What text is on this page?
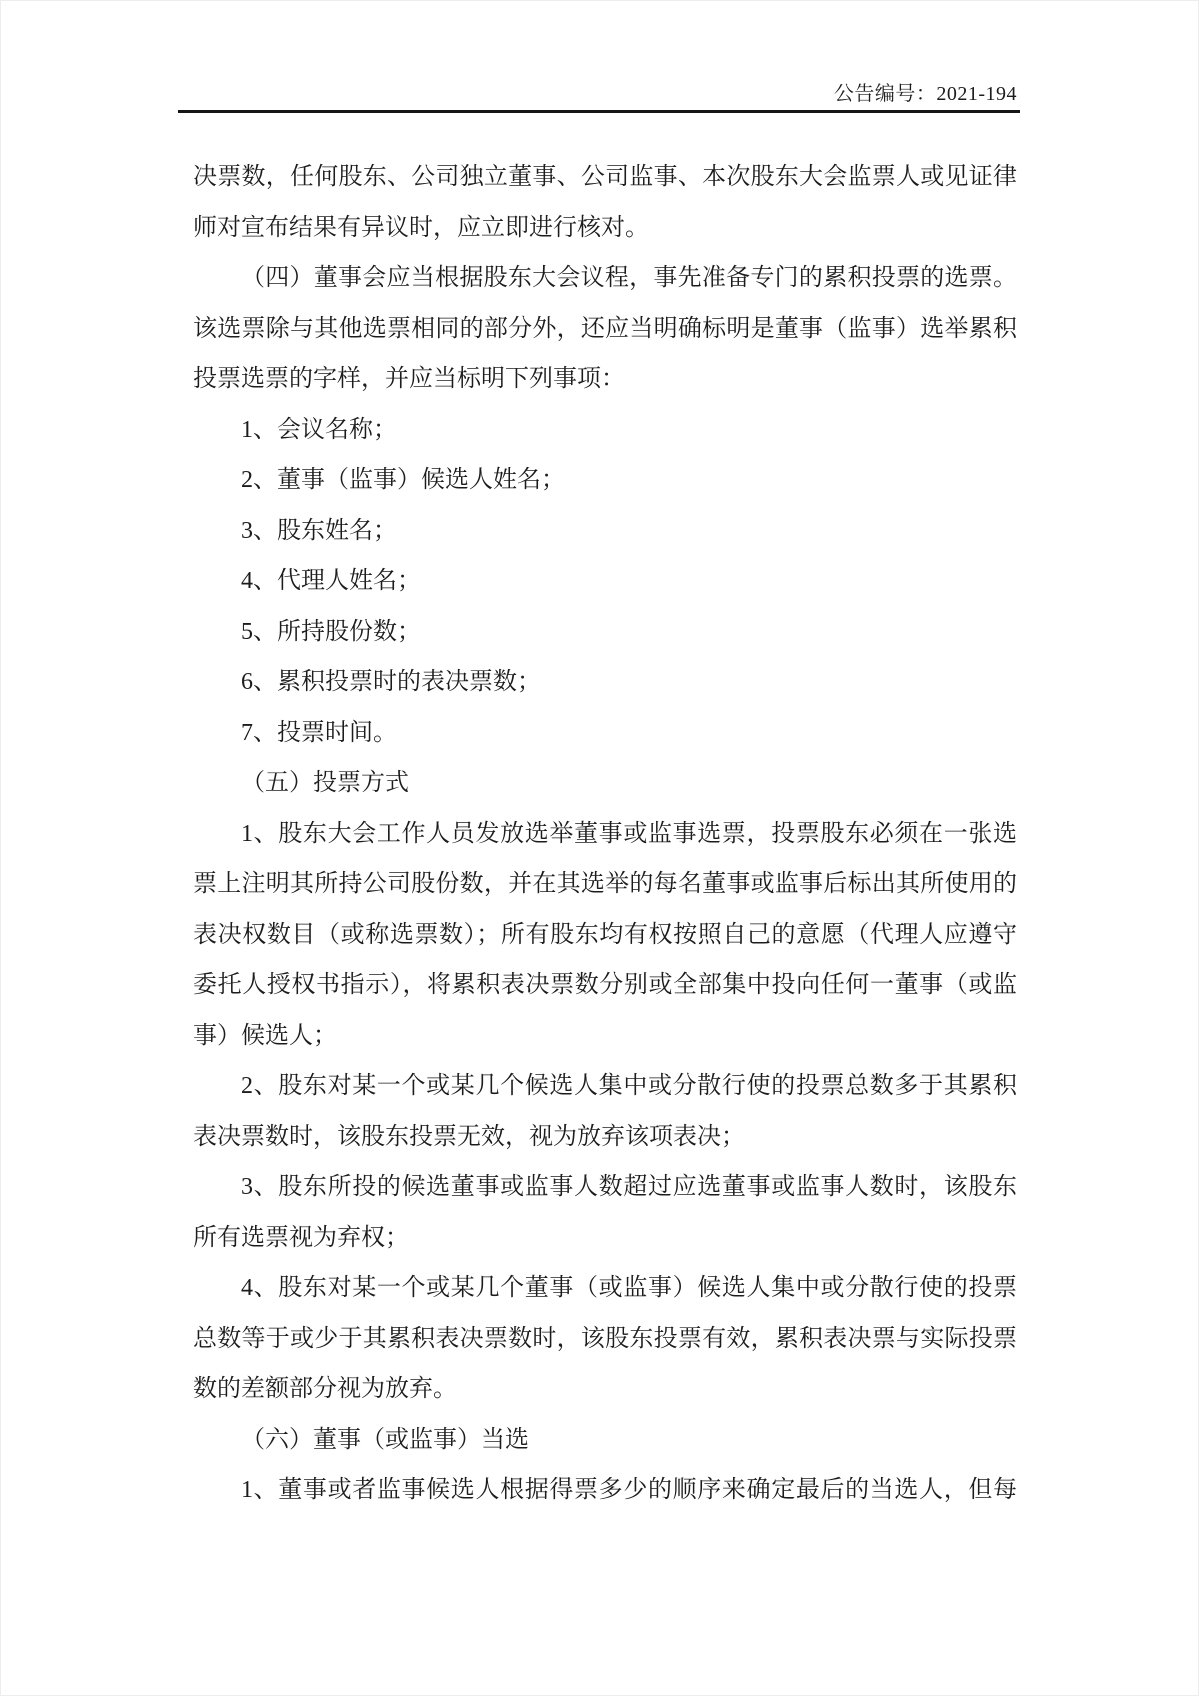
公告编号：2021-194
决票数，任何股东、公司独立董事、公司监事、本次股东大会监票人或见证律
师对宣布结果有异议时，应立即进行核对。
（四）董事会应当根据股东大会议程，事先准备专门的累积投票的选票。
该选票除与其他选票相同的部分外，还应当明确标明是董事（监事）选举累积
投票选票的字样，并应当标明下列事项：
1、会议名称；
2、董事（监事）候选人姓名；
3、股东姓名；
4、代理人姓名；
5、所持股份数；
6、累积投票时的表决票数；
7、投票时间。
（五）投票方式
1、股东大会工作人员发放选举董事或监事选票，投票股东必须在一张选
票上注明其所持公司股份数，并在其选举的每名董事或监事后标出其所使用的
表决权数目（或称选票数）；所有股东均有权按照自己的意愿（代理人应遵守
委托人授权书指示），将累积表决票数分别或全部集中投向任何一董事（或监
事）候选人；
2、股东对某一个或某几个候选人集中或分散行使的投票总数多于其累积
表决票数时，该股东投票无效，视为放弃该项表决；
3、股东所投的候选董事或监事人数超过应选董事或监事人数时，该股东
所有选票视为弃权；
4、股东对某一个或某几个董事（或监事）候选人集中或分散行使的投票
总数等于或少于其累积表决票数时，该股东投票有效，累积表决票与实际投票
数的差额部分视为放弃。
（六）董事（或监事）当选
1、董事或者监事候选人根据得票多少的顺序来确定最后的当选人，但每
